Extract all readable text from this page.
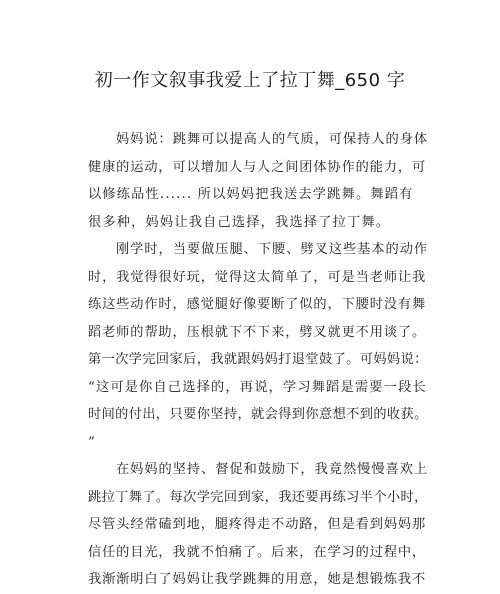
初一作文叙事我爱上了拉丁舞_650 字
妈妈说：跳舞可以提高人的气质，可保持人的身体
健康的运动，可以增加人与人之间团体协作的能力，可
以修练品性...... 所以妈妈把我送去学跳舞。舞蹈有
很多种，妈妈让我自己选择，我选择了拉丁舞。
刚学时，当要做压腿、下腰、劈叉这些基本的动作
时，我觉得很好玩，觉得这太简单了，可是当老师让我
练这些动作时，感觉腿好像要断了似的，下腰时没有舞
蹈老师的帮助，压根就下不下来，劈叉就更不用谈了。
第一次学完回家后，我就跟妈妈打退堂鼓了。可妈妈说：
“这可是你自己选择的，再说，学习舞蹈是需要一段长
时间的付出，只要你坚持，就会得到你意想不到的收获。
”
在妈妈的坚持、督促和鼓励下，我竟然慢慢喜欢上
跳拉丁舞了。每次学完回到家，我还要再练习半个小时，
尽管头经常磕到地，腿疼得走不动路，但是看到妈妈那
信任的目光，我就不怕痛了。后来，在学习的过程中，
我渐渐明白了妈妈让我学跳舞的用意，她是想锻炼我不
